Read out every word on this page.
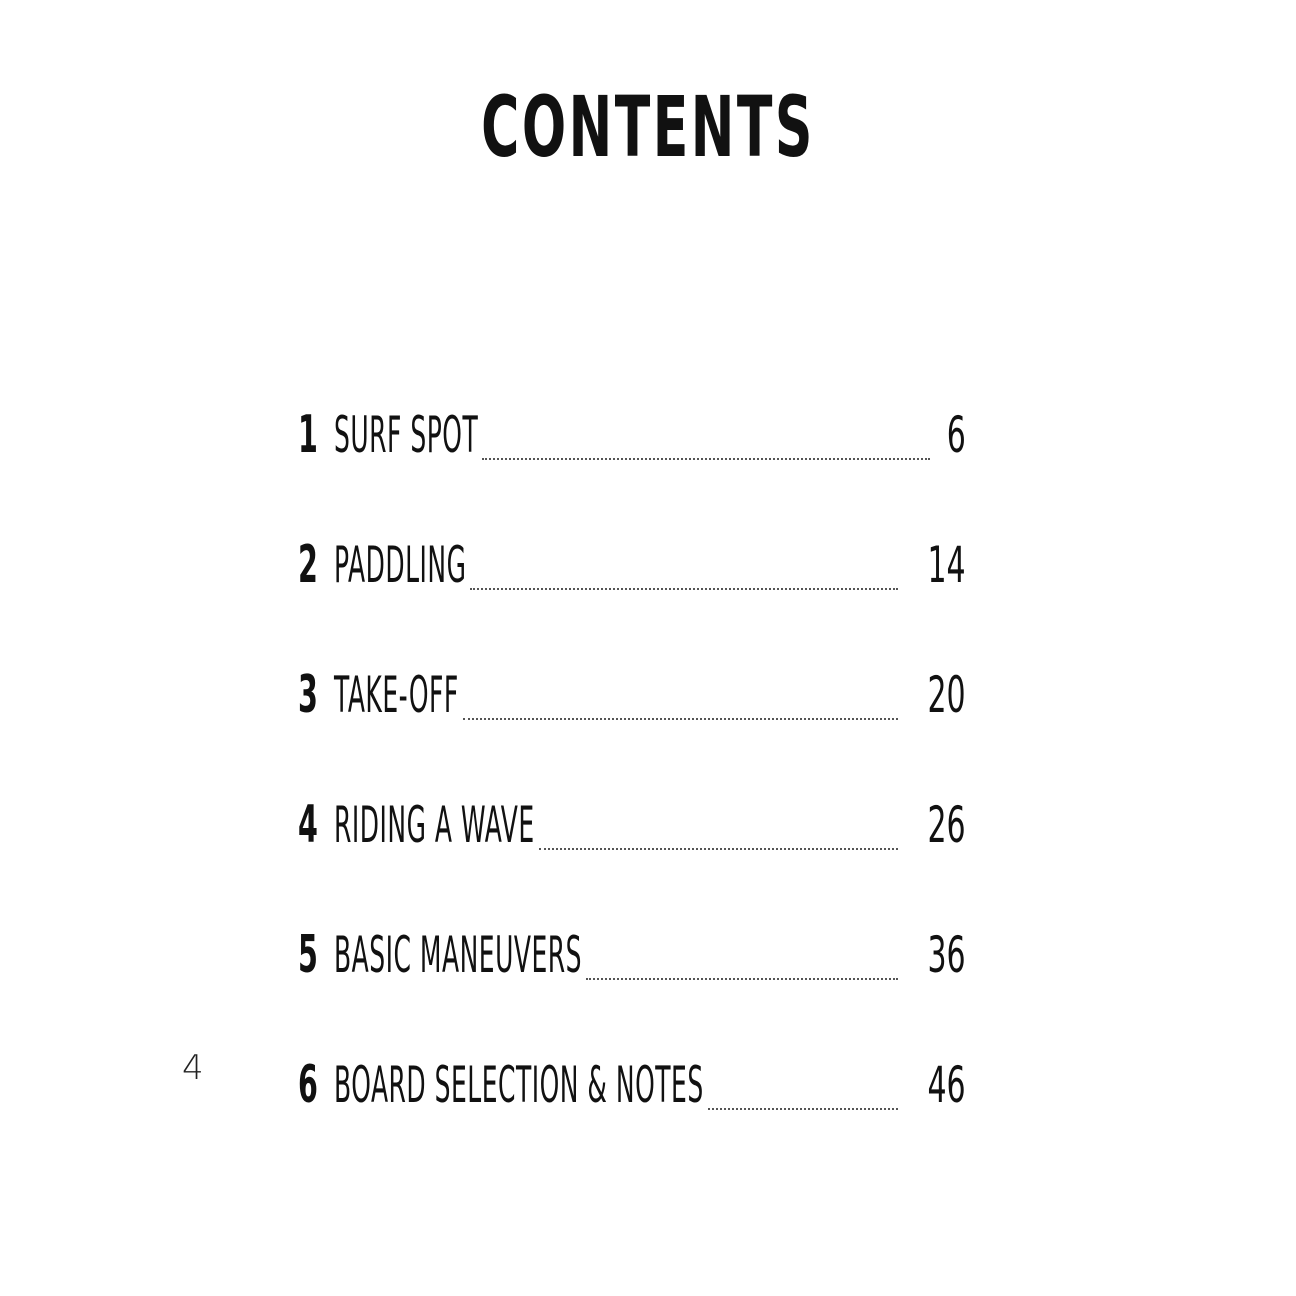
CONTENTS
1 SURF SPOT	6
2 PADDLING	14
3 TAKE-OFF	20
4 RIDING A WAVE	26
5 BASIC MANEUVERS	36
6 BOARD SELECTION & NOTES	46
4
